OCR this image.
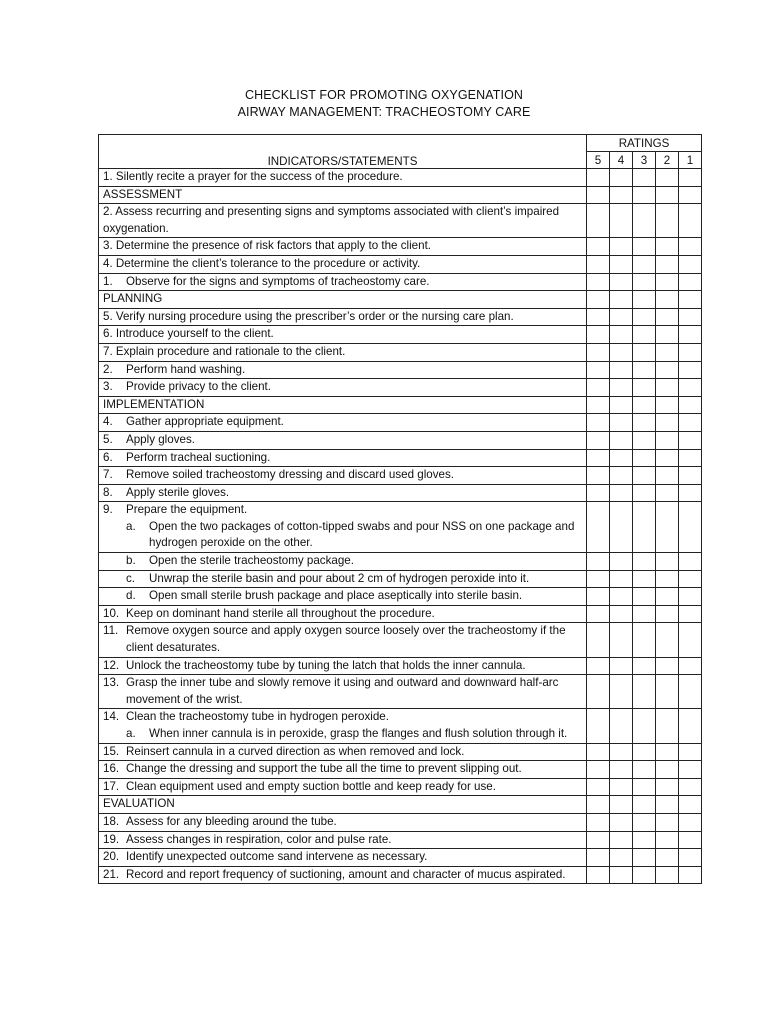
CHECKLIST FOR PROMOTING OXYGENATION
AIRWAY MANAGEMENT: TRACHEOSTOMY CARE
INDICATORS/STATEMENTS	RATINGS				
	5	4	3	2	1
1. Silently recite a prayer for the success of the procedure.					
ASSESSMENT					
2. Assess recurring and presenting signs and symptoms associated with client’s impaired oxygenation.					
3. Determine the presence of risk factors that apply to the client.					
4. Determine the client’s tolerance to the procedure or activity.					

1. Observe for the signs and symptoms of tracheostomy care.					

PLANNING					
5. Verify nursing procedure using the prescriber’s order or the nursing care plan.					
6. Introduce yourself to the client.					
7. Explain procedure and rationale to the client.					

2. Perform hand washing.					

3. Provide privacy to the client.					

IMPLEMENTATION					

4. Gather appropriate equipment.					

5. Apply gloves.					

6. Perform tracheal suctioning.					

7. Remove soiled tracheostomy dressing and discard used gloves.					

8. Apply sterile gloves.					

9. Prepare the equipment.
a. Open the two packages of cotton-tipped swabs and pour NSS on one package and hydrogen peroxide on the other.					

b. Open the sterile tracheostomy package.					

c. Unwrap the sterile basin and pour about 2 cm of hydrogen peroxide into it.					

d. Open small sterile brush package and place aseptically into sterile basin.					

10. Keep on dominant hand sterile all throughout the procedure.					

11. Remove oxygen source and apply oxygen source loosely over the tracheostomy if the client desaturates.					

12. Unlock the tracheostomy tube by tuning the latch that holds the inner cannula.					

13. Grasp the inner tube and slowly remove it using and outward and downward half-arc movement of the wrist.					

14. Clean the tracheostomy tube in hydrogen peroxide.
a. When inner cannula is in peroxide, grasp the flanges and flush solution through it.					

15. Reinsert cannula in a curved direction as when removed and lock.					

16. Change the dressing and support the tube all the time to prevent slipping out.					

17. Clean equipment used and empty suction bottle and keep ready for use.					

EVALUATION					

18. Assess for any bleeding around the tube.					

19. Assess changes in respiration, color and pulse rate.					

20. Identify unexpected outcome sand intervene as necessary.					

21. Record and report frequency of suctioning, amount and character of mucus aspirated.					
